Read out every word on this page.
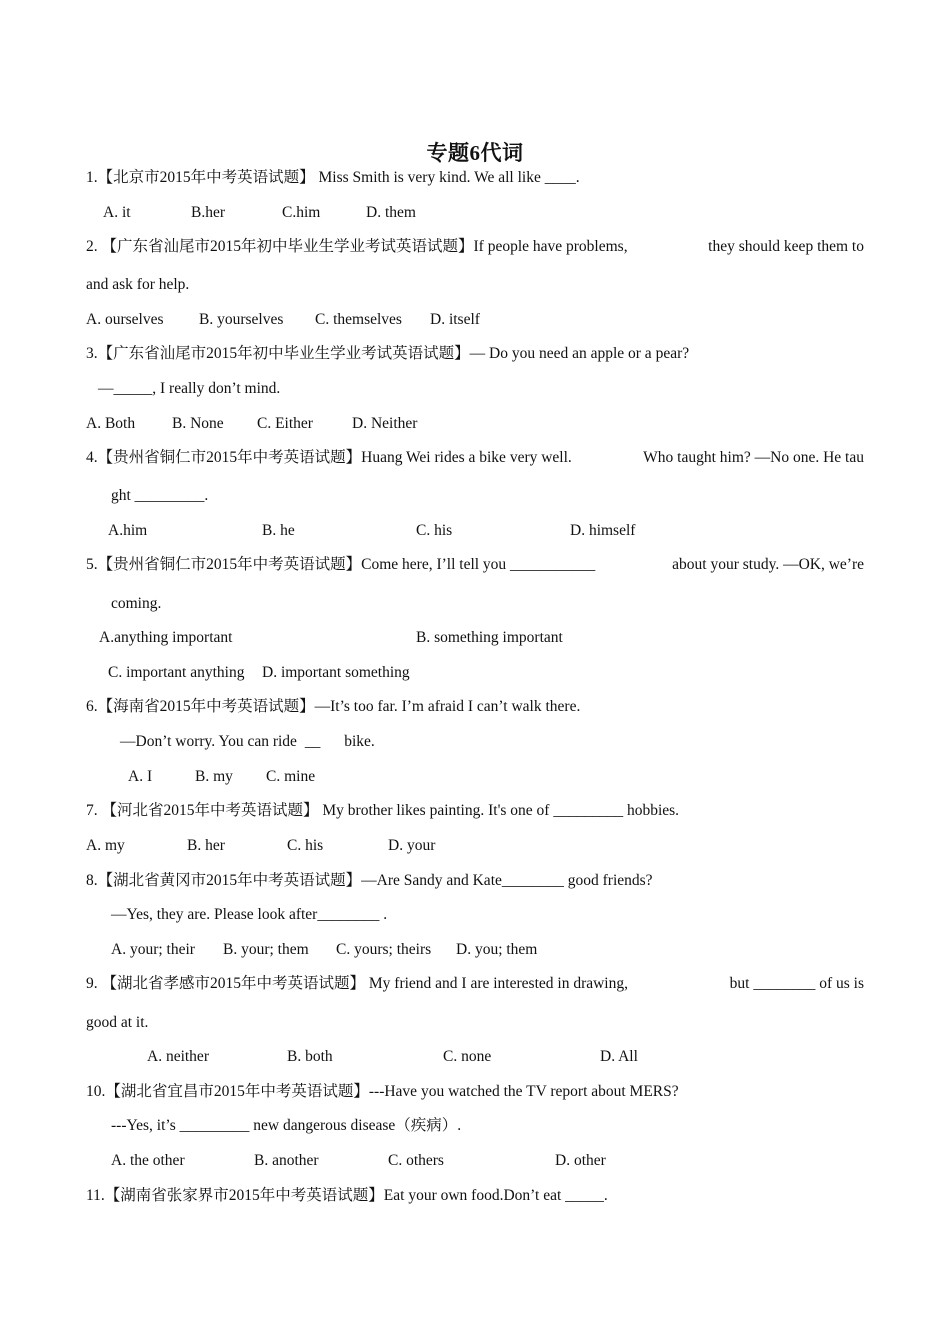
专题6代词
1.【北京市2015年中考英语试题】 Miss Smith is very kind. We all like ____.
A. it	B.her	C.him	D. them
2. 【广东省汕尾市2015年初中毕业生学业考试英语试题】If people have problems,	they should keep them to
and ask for help.
A. ourselves B. yourselves C. themselves D. itself
3.【广东省汕尾市2015年初中毕业生学业考试英语试题】— Do you need an apple or a pear?
—_____, I really don’t mind.
A. Both B. None C. Either	D. Neither
4.【贵州省铜仁市2015年中考英语试题】Huang Wei rides a bike very well.	Who taught him? —No one. He tau
ght _________.
A.him	B. he	C. his	D. himself
5.【贵州省铜仁市2015年中考英语试题】Come here, I’ll tell you ___________	about your study. —OK, we’re
coming.
A.anything important	B. something important
C. important anything D. important something
6.【海南省2015年中考英语试题】—It’s too far. I’m afraid I can’t walk there.
—Don’t worry. You can ride __ bike.
A. I	B. my C. mine
7. 【河北省2015年中考英语试题】 My brother likes painting. It's one of _________ hobbies.
A. my	B. her	C. his	D. your
8.【湖北省黄冈市2015年中考英语试题】—Are Sandy and Kate________ good friends?
—Yes, they are. Please look after________ .
A. your; their B. your; them C. yours; theirs D. you; them
9. 【湖北省孝感市2015年中考英语试题】 My friend and I are interested in drawing,	but ________ of us is
good at it.
A. neither	B. both	C. none	D. All
10.【湖北省宜昌市2015年中考英语试题】---Have you watched the TV report about MERS?
---Yes, it’s _________ new dangerous disease（疾病）.
A. the other	B. another	C. others	D. other
11.【湖南省张家界市2015年中考英语试题】Eat your own food.Don’t eat _____.
